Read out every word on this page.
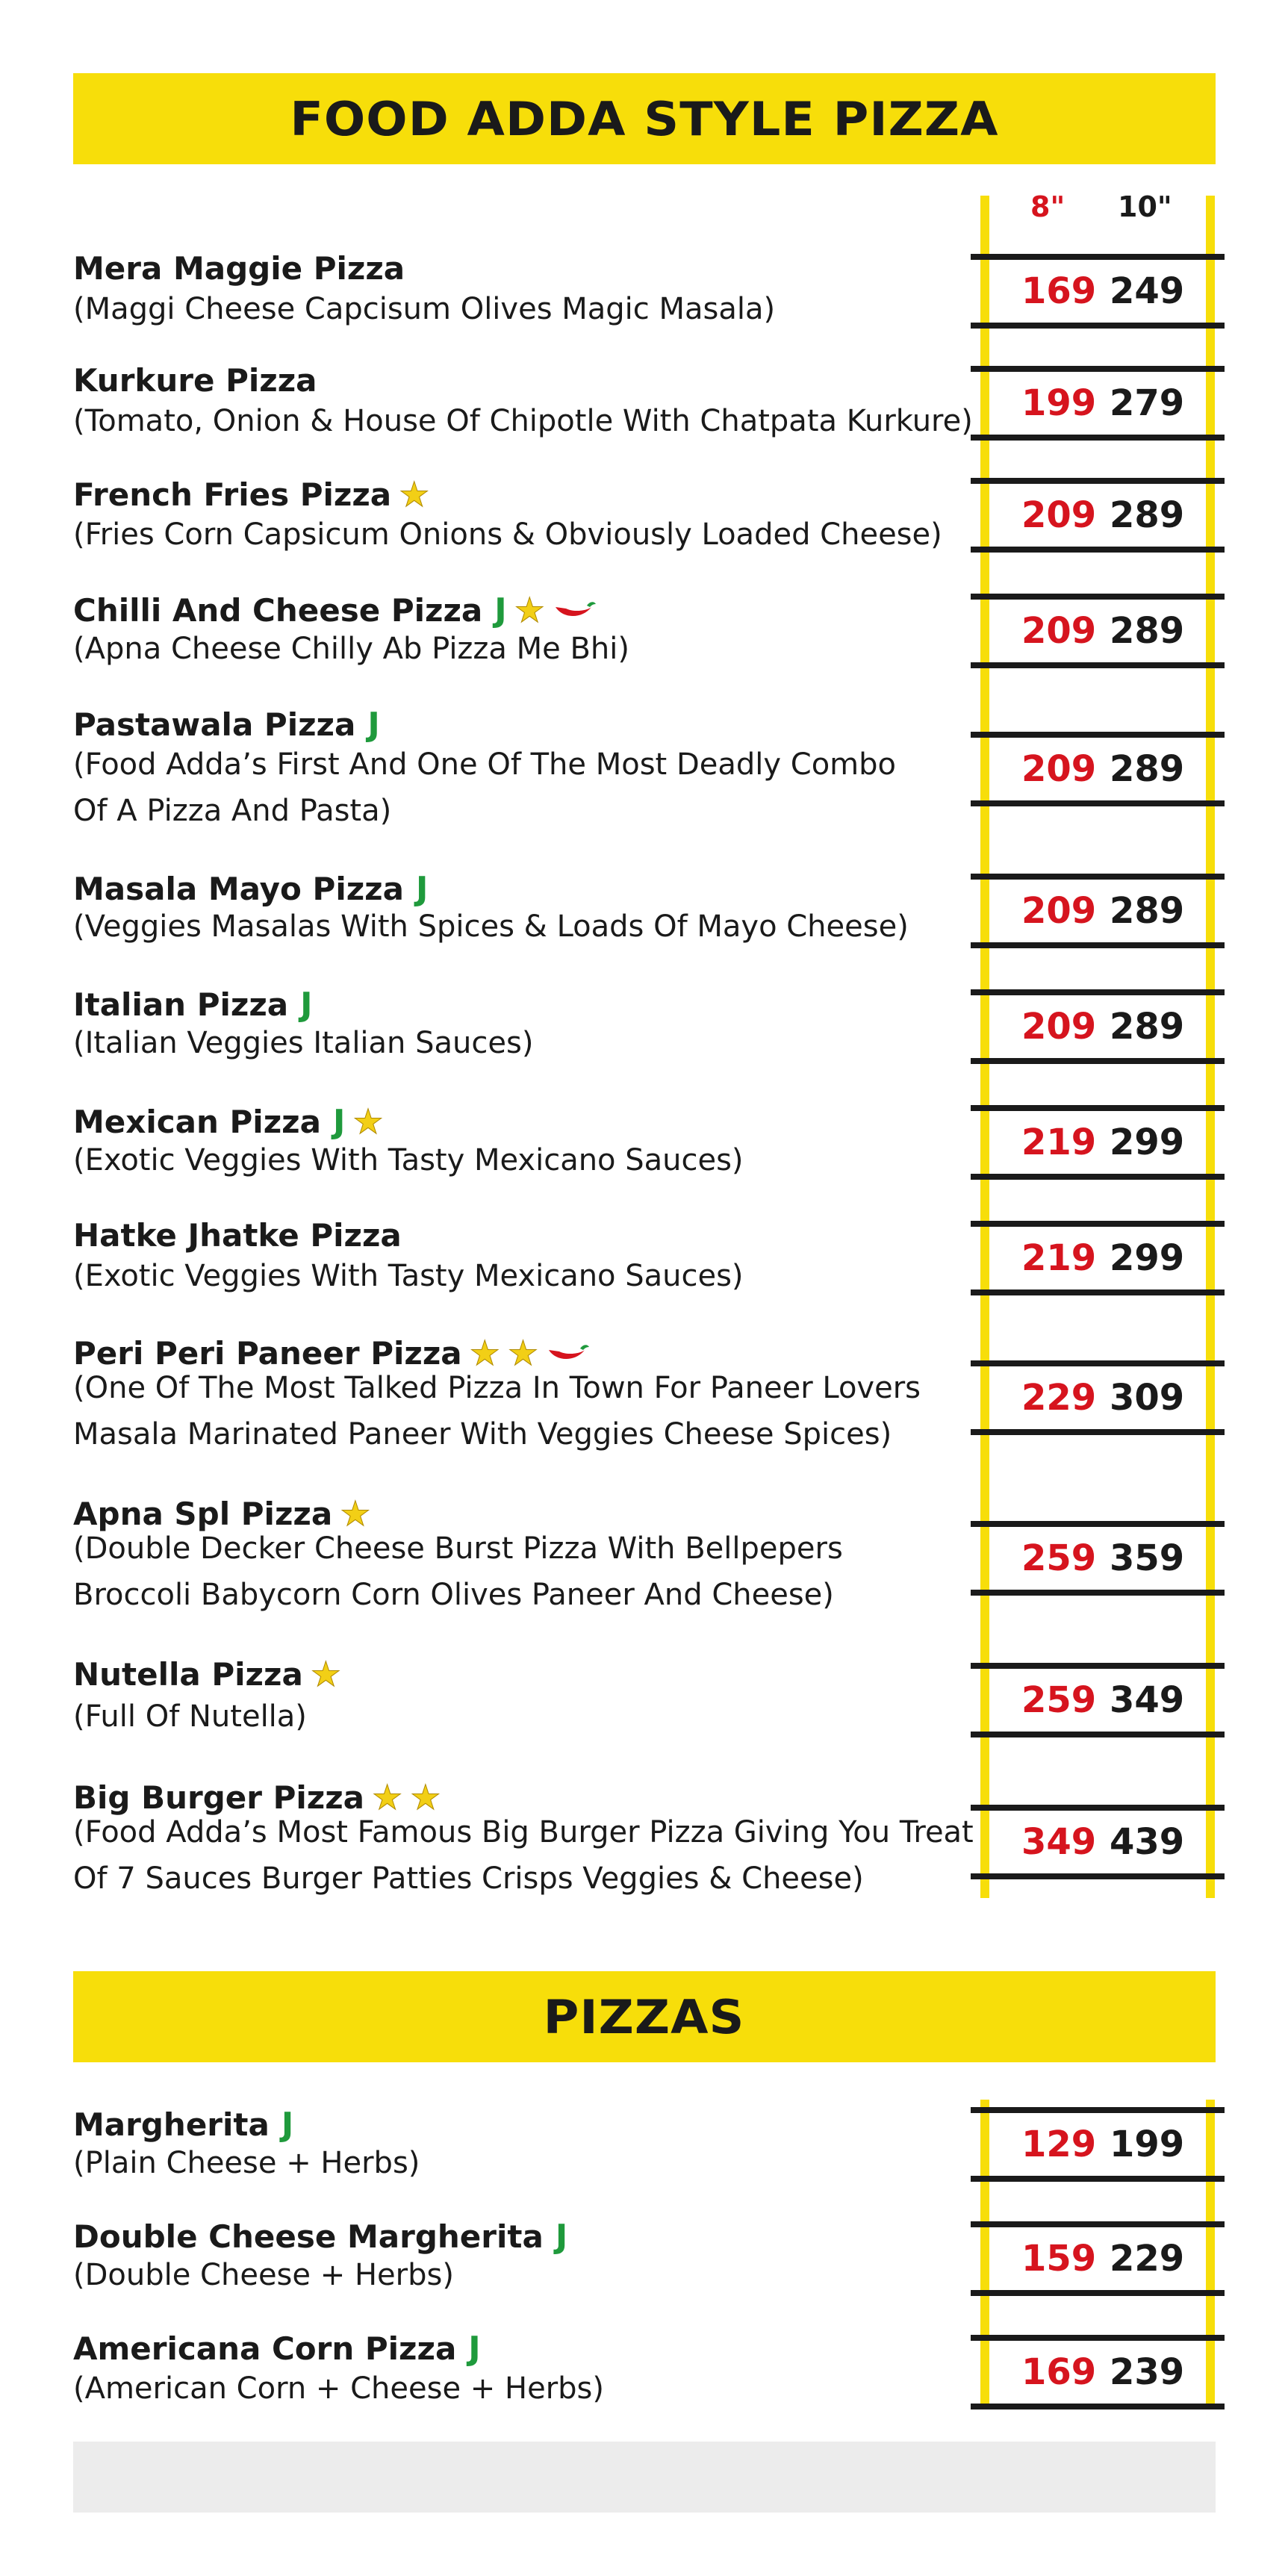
FOOD ADDA STYLE PIZZA
8" 10"
Mera Maggie Pizza
(Maggi Cheese Capcisum Olives Magic Masala)	169 249
Kurkure Pizza
(Tomato, Onion & House Of Chipotle With Chatpata Kurkure) 199 279
French Fries Pizza ★
(Fries Corn Capsicum Onions & Obviously Loaded Cheese) 209 289
Chilli And Cheese Pizza J ★
(Apna Cheese Chilly Ab Pizza Me Bhi)	209 289
Pastawala Pizza J
(Food Adda’s First And One Of The Most Deadly Combo
Of A Pizza And Pasta)
209 289
Masala Mayo Pizza J
(Veggies Masalas With Spices & Loads Of Mayo Cheese)	209 289
Italian Pizza J
(Italian Veggies Italian Sauces)	209 289
Mexican Pizza J ★
(Exotic Veggies With Tasty Mexicano Sauces)	219 299
Hatke Jhatke Pizza
(Exotic Veggies With Tasty Mexicano Sauces)	219 299
Peri Peri Paneer Pizza ★ ★
(One Of The Most Talked Pizza In Town For Paneer Lovers
Masala Marinated Paneer With Veggies Cheese Spices)
229 309
Apna Spl Pizza ★
(Double Decker Cheese Burst Pizza With Bellpepers
Broccoli Babycorn Corn Olives Paneer And Cheese)
259 359
Nutella Pizza ★
(Full Of Nutella)	259 349
Big Burger Pizza ★ ★
(Food Adda’s Most Famous Big Burger Pizza Giving You Treat
Of 7 Sauces Burger Patties Crisps Veggies & Cheese)
349 439
PIZZAS
Margherita J
(Plain Cheese + Herbs)	129 199
Double Cheese Margherita J
(Double Cheese + Herbs)	159 229
Americana Corn Pizza J
(American Corn + Cheese + Herbs)	169 239
